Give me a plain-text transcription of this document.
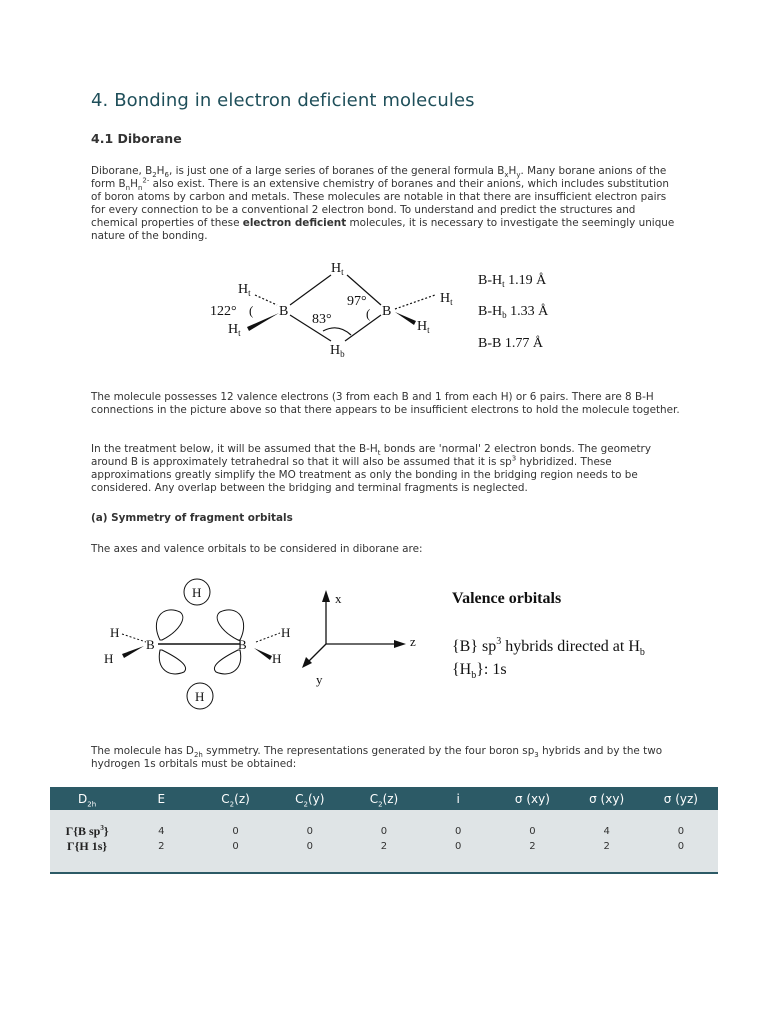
4. Bonding in electron deficient molecules
4.1 Diborane

Diborane, $B_2H_6$, is just one of a large series of boranes of the general formula $B_xH_y$. Many borane anions of the form $B_nH_n^{2-}$ also exist. There is an extensive chemistry of boranes and their anions, which includes substitution of boron atoms by carbon and metals. These molecules are notable in that there are insufficient electron pairs for every connection to be a conventional 2 electron bond. To understand and predict the structures and chemical properties of these electron deficient molecules, it is necessary to investigate the seemingly unique nature of the bonding.

$H_t$
$H_t$
B
122° (
$H_t$
97°
(
83°
B
$H_t$
$H_t$
$H_b$
$B-H_t$ 1.19 Å
$B-H_b$ 1.33 Å
B-B 1.77 Å

The molecule possesses 12 valence electrons (3 from each B and 1 from each H) or 6 pairs. There are 8 B-H connections in the picture above so that there appears to be insufficient electrons to hold the molecule together.

In the treatment below, it will be assumed that the $B-H_t$ bonds are 'normal' 2 electron bonds. The geometry around B is approximately tetrahedral so that it will also be assumed that it is $sp^3$ hybridized. These approximations greatly simplify the MO treatment as only the bonding in the bridging region needs to be considered. Any overlap between the bridging and terminal fragments is neglected.

(a) Symmetry of fragment orbitals

The axes and valence orbitals to be considered in diborane are:

H
H
B	B
H
H
H
H
x
z
y
Valence orbitals
{B} $sp^3$ hybrids directed at $H_b$
$\{H_b\}$: 1s

The molecule has $D_{2h}$ symmetry. The representations generated by the four boron $sp_3$ hybrids and by the two hydrogen 1s orbitals must be obtained:

$D_{2h}$	E	$C_2(z)$	$C_2(y)$	$C_2(z)$	i	σ (xy)	σ (xy)	σ (yz)
Γ{B $sp^3$}	4	0	0	0	0	0	4	0
Γ{H 1s}	2	0	0	2	0	2	2	0
